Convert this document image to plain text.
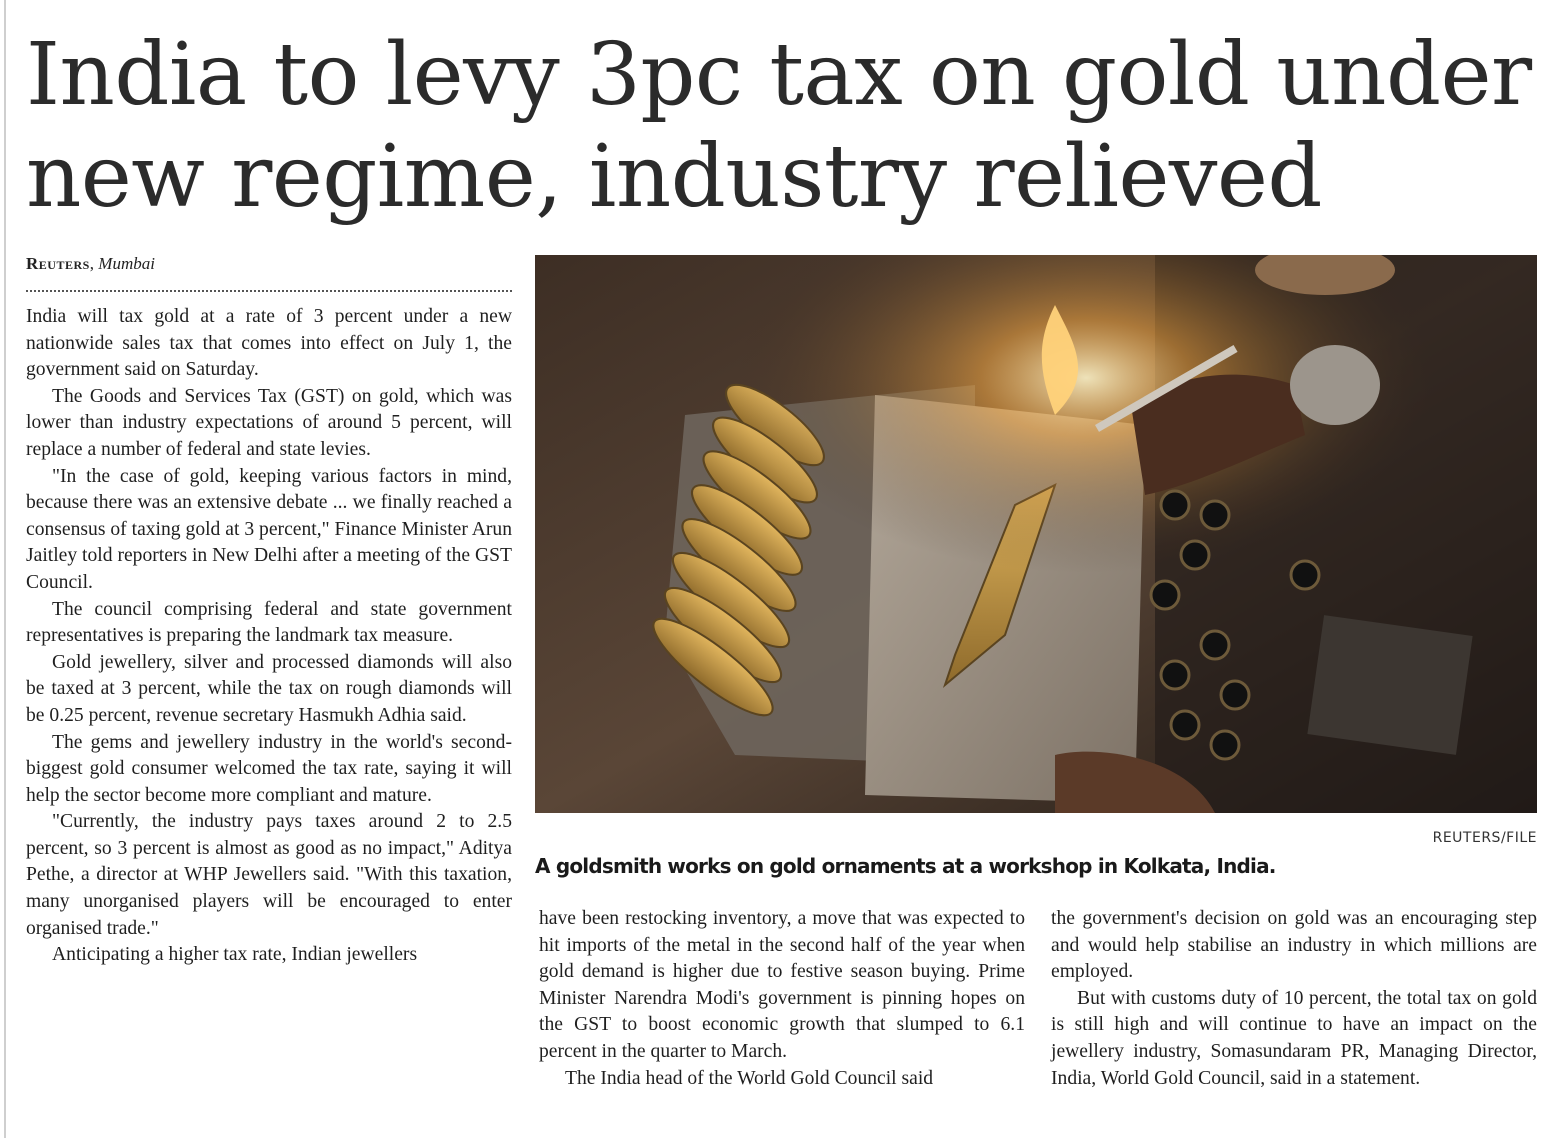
India to levy 3pc tax on gold under
new regime, industry relieved
Reuters, Mumbai

India will tax gold at a rate of 3 percent under a new nationwide sales tax that comes into effect on July 1, the government said on Saturday.

The Goods and Services Tax (GST) on gold, which was lower than industry expectations of around 5 percent, will replace a number of federal and state levies.

"In the case of gold, keeping various factors in mind, because there was an extensive debate ... we finally reached a consensus of taxing gold at 3 percent," Finance Minister Arun Jaitley told reporters in New Delhi after a meeting of the GST Council.

The council comprising federal and state government representatives is preparing the landmark tax measure.

Gold jewellery, silver and processed diamonds will also be taxed at 3 percent, while the tax on rough diamonds will be 0.25 percent, revenue secretary Hasmukh Adhia said.

The gems and jewellery industry in the world's second-biggest gold consumer welcomed the tax rate, saying it will help the sector become more compliant and mature.

"Currently, the industry pays taxes around 2 to 2.5 percent, so 3 percent is almost as good as no impact," Aditya Pethe, a director at WHP Jewellers said. "With this taxation, many unorganised players will be encouraged to enter organised trade."

Anticipating a higher tax rate, Indian jewellers

REUTERS/FILE
A goldsmith works on gold ornaments at a workshop in Kolkata, India.

have been restocking inventory, a move that was expected to hit imports of the metal in the second half of the year when gold demand is higher due to festive season buying. Prime Minister Narendra Modi's government is pinning hopes on the GST to boost economic growth that slumped to 6.1 percent in the quarter to March.

The India head of the World Gold Council said

the government's decision on gold was an encouraging step and would help stabilise an industry in which millions are employed.

But with customs duty of 10 percent, the total tax on gold is still high and will continue to have an impact on the jewellery industry, Somasundaram PR, Managing Director, India, World Gold Council, said in a statement.
